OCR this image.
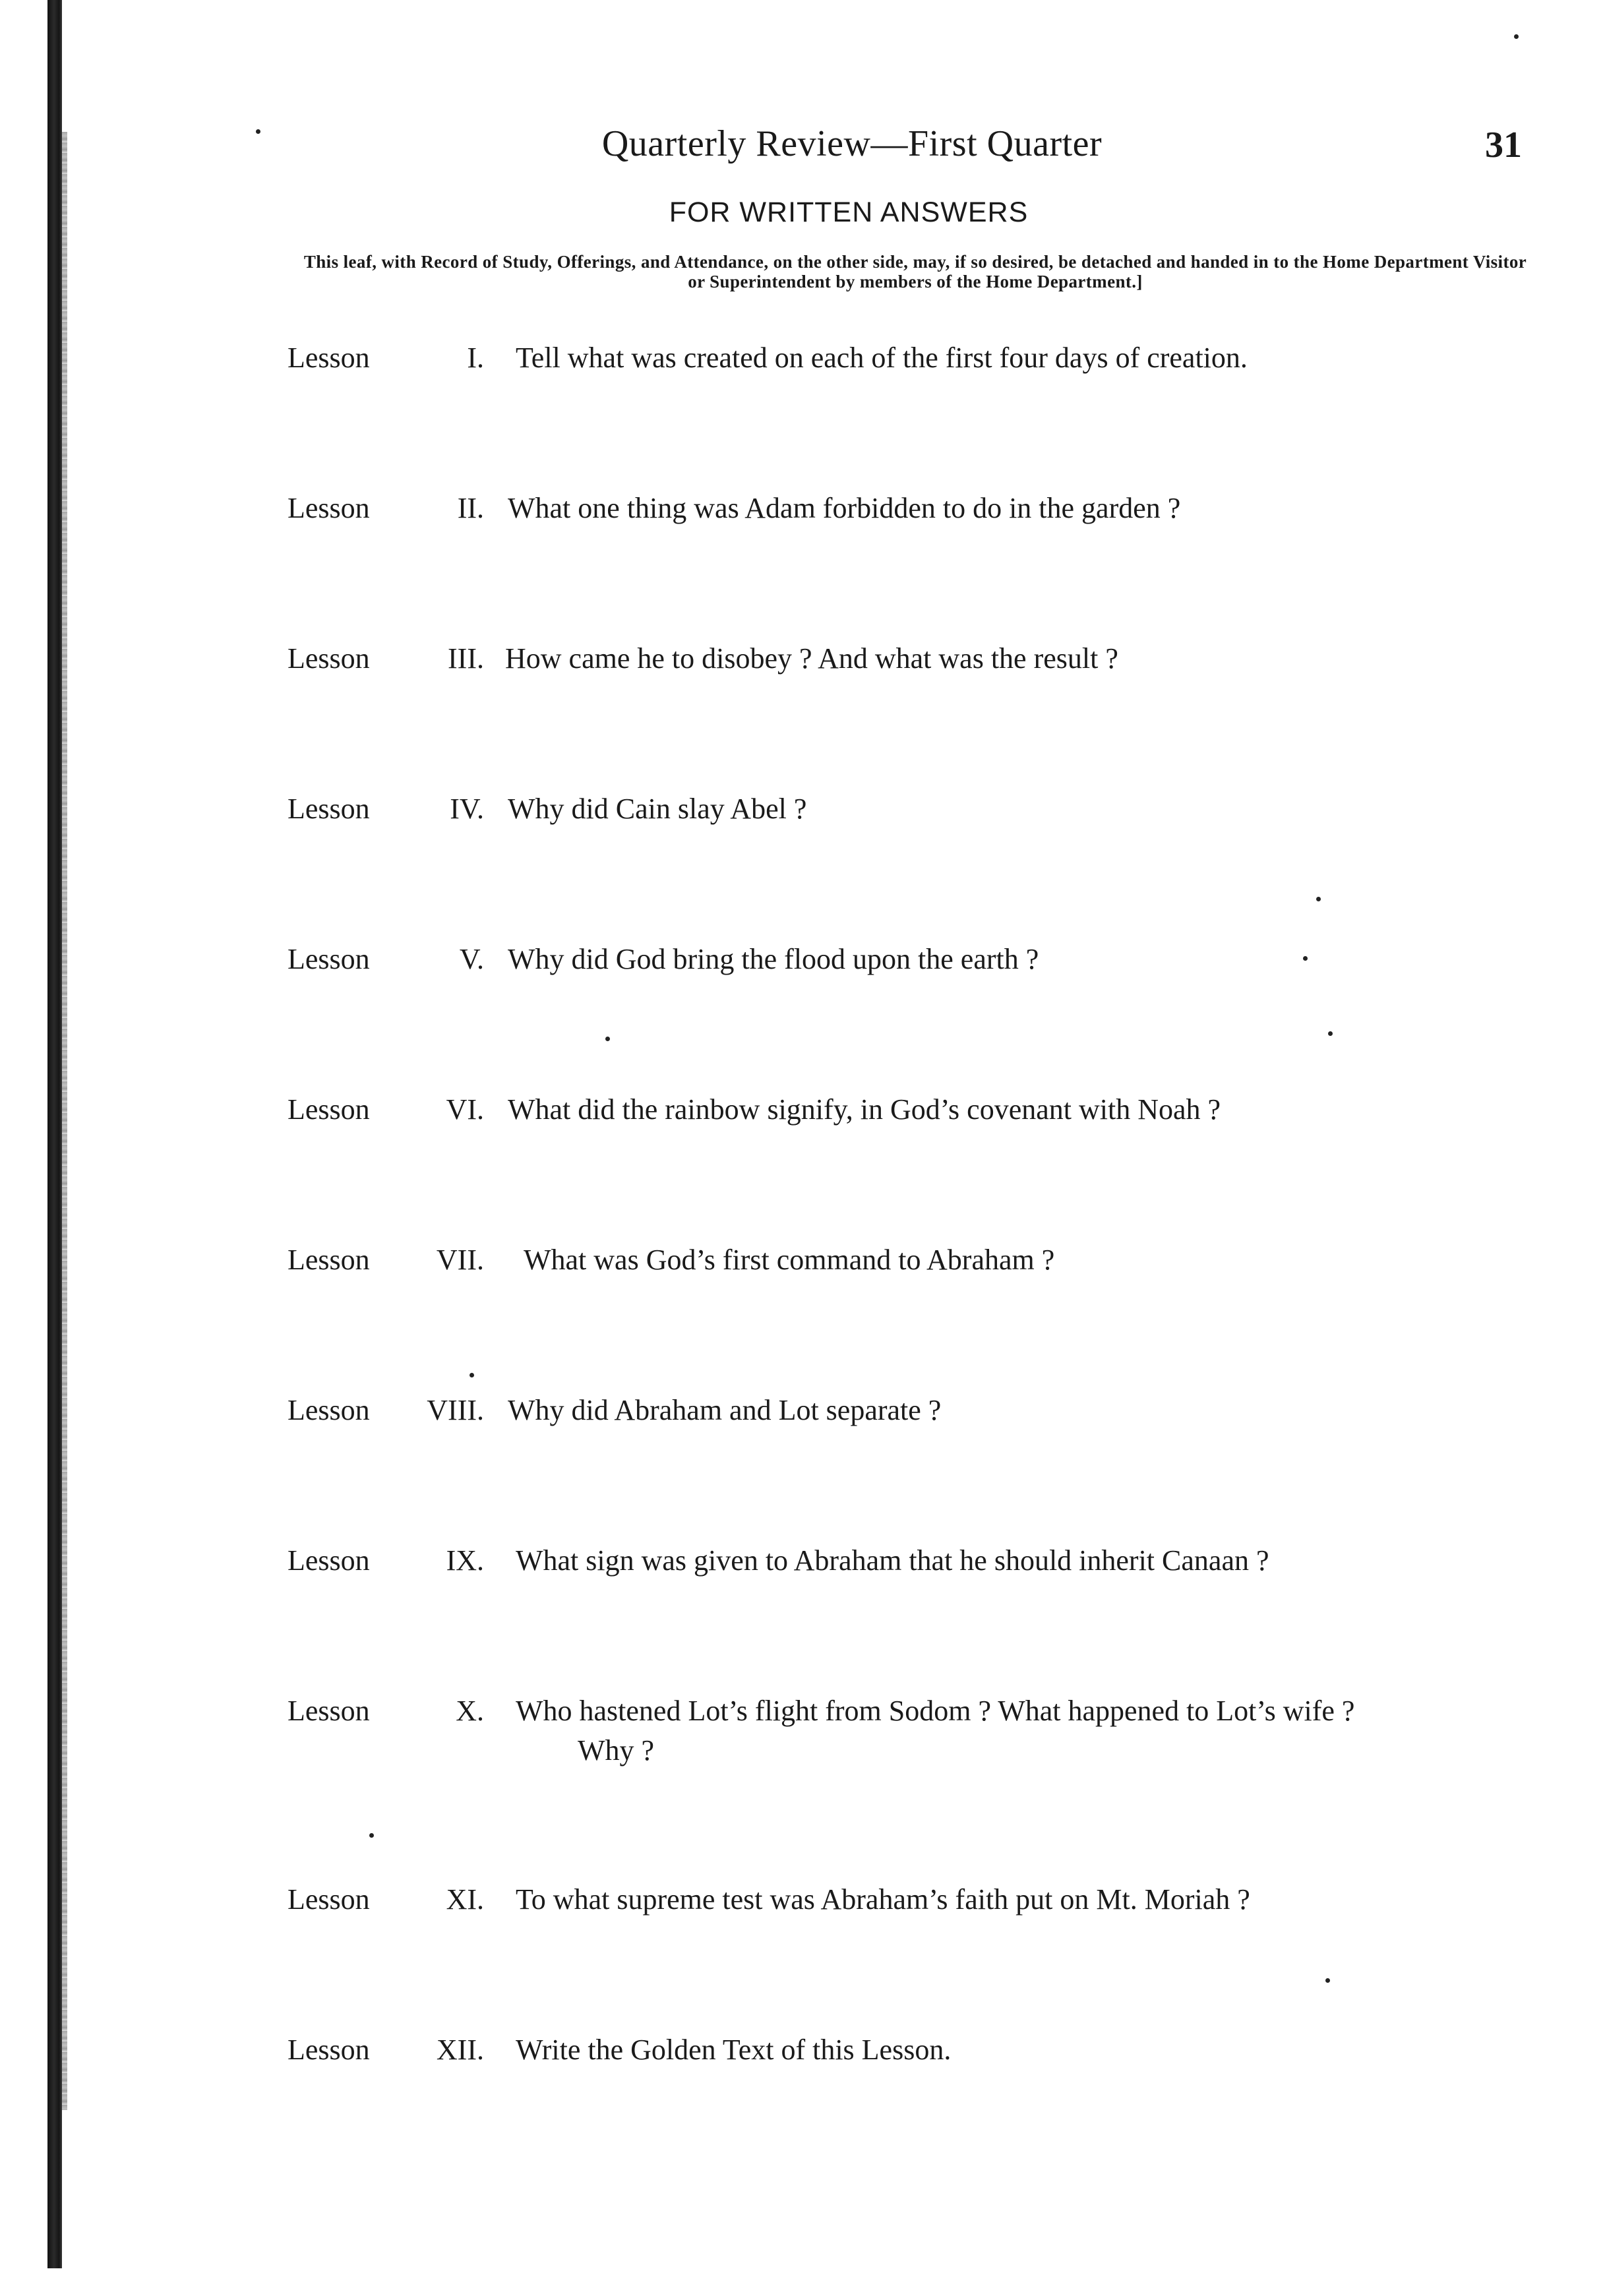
Quarterly Review—First Quarter	31
FOR WRITTEN ANSWERS
This leaf, with Record of Study, Offerings, and Attendance, on the other side, may, if so desired, be detached and handed in to the Home Department Visitor or Superintendent by members of the Home Department.]
Lesson	I. Tell what was created on each of the first four days of creation.
Lesson	II. What one thing was Adam forbidden to do in the garden ?
Lesson	III. How came he to disobey ? And what was the result ?
Lesson	IV. Why did Cain slay Abel ?
Lesson	V. Why did God bring the flood upon the earth ?
Lesson	VI. What did the rainbow signify, in God’s covenant with Noah ?
Lesson	VII. What was God’s first command to Abraham ?
Lesson	VIII. Why did Abraham and Lot separate ?
Lesson	IX. What sign was given to Abraham that he should inherit Canaan ?
Lesson	X. Who hastened Lot’s flight from Sodom ? What happened to Lot’s wife ?
Why ?
Lesson	XI. To what supreme test was Abraham’s faith put on Mt. Moriah ?
Lesson	XII. Write the Golden Text of this Lesson.
